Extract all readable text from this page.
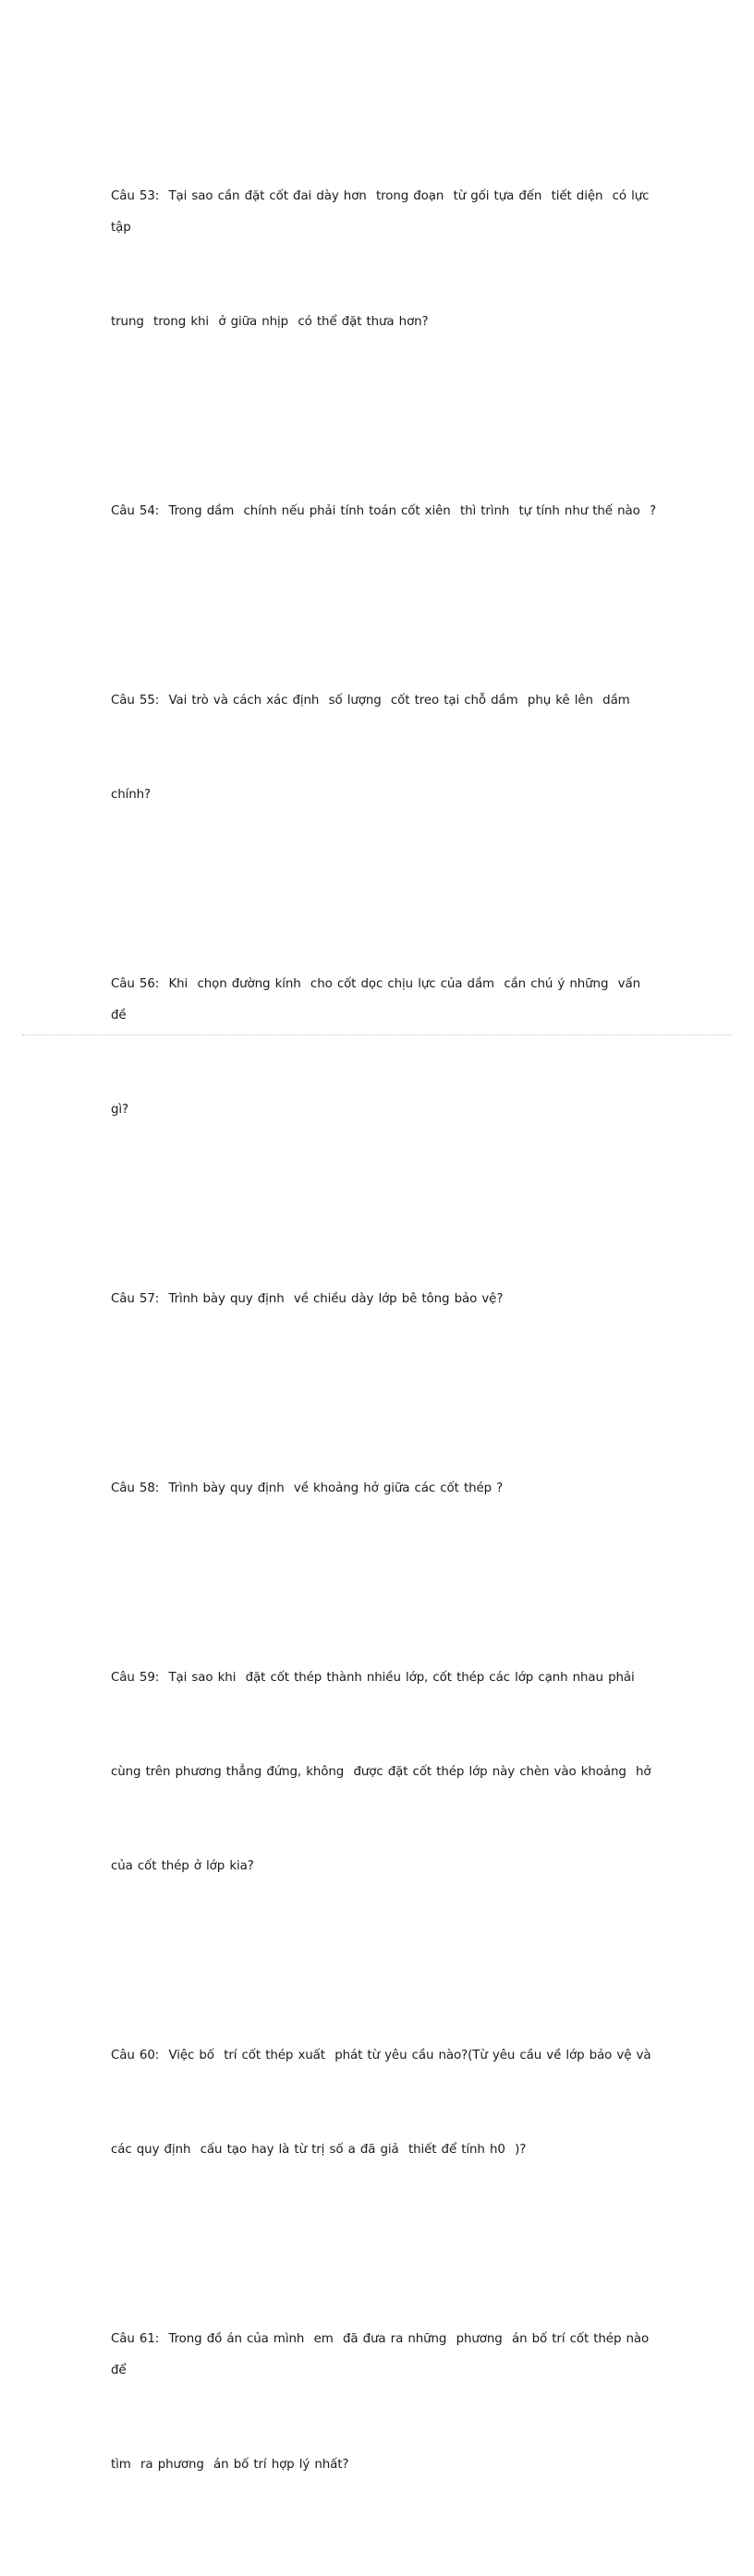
Câu 53:  Tại sao cần đặt cốt đai dày hơn  trong đoạn  từ gối tựa đến  tiết diện  có lực tập

trung  trong khi  ở giữa nhịp  có thể đặt thưa hơn?

Câu 54:  Trong dầm  chính nếu phải tính toán cốt xiên  thì trình  tự tính như thế nào  ?

Câu 55:  Vai trò và cách xác định  số lượng  cốt treo tại chỗ dầm  phụ kê lên  dầm

chính?

Câu 56:  Khi  chọn đường kính  cho cốt dọc chịu lực của dầm  cần chú ý những  vấn đề

gì?

Câu 57:  Trình bày quy định  về chiều dày lớp bê tông bảo vệ?

Câu 58:  Trình bày quy định  về khoảng hở giữa các cốt thép ?

Câu 59:  Tại sao khi  đặt cốt thép thành nhiều lớp, cốt thép các lớp cạnh nhau phải

cùng trên phương thẳng đứng, không  được đặt cốt thép lớp này chèn vào khoảng  hở

của cốt thép ở lớp kia?

Câu 60:  Việc bố  trí cốt thép xuất  phát từ yêu cầu nào?(Từ yêu cầu về lớp bảo vệ và

các quy định  cấu tạo hay là từ trị số a đã giả  thiết để tính h0  )?

Câu 61:  Trong đồ án của mình  em  đã đưa ra những  phương  án bố trí cốt thép nào để

tìm  ra phương  án bố trí hợp lý nhất?
